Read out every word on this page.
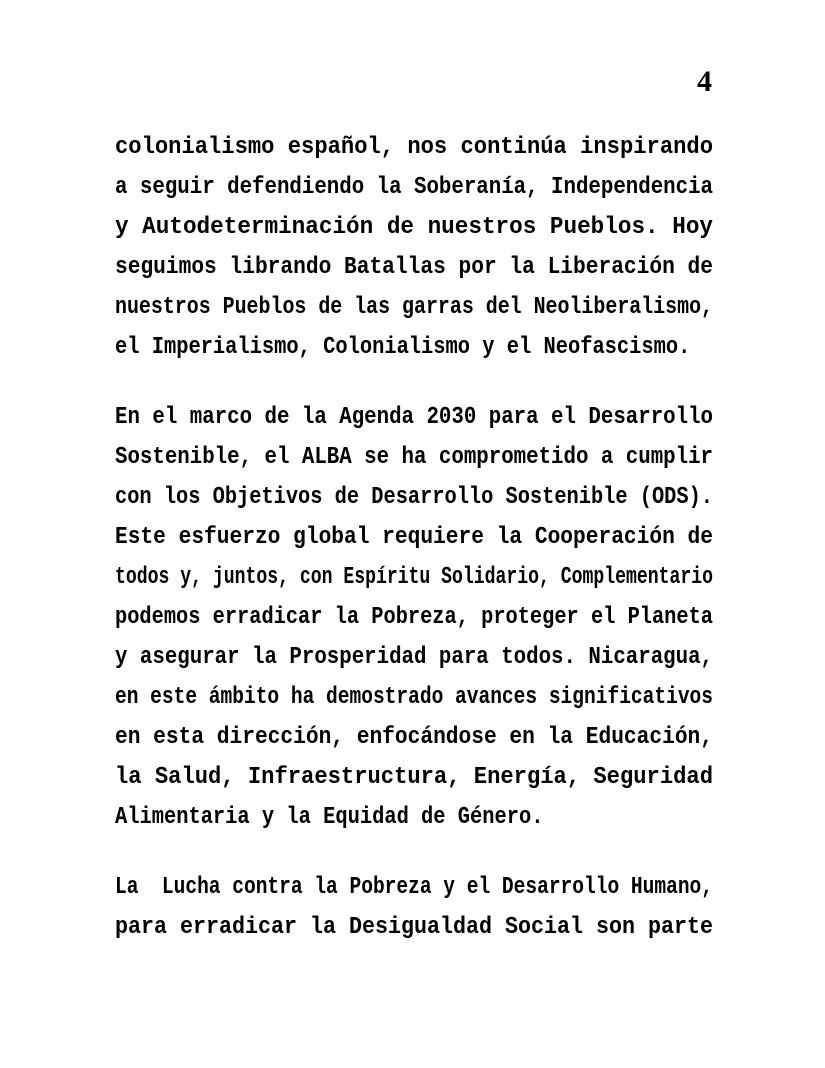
4
colonialismo español, nos continúa inspirando
a seguir defendiendo la Soberanía, Independencia
y Autodeterminación de nuestros Pueblos. Hoy
seguimos librando Batallas por la Liberación de
nuestros Pueblos de las garras del Neoliberalismo,
el Imperialismo, Colonialismo y el Neofascismo.
En el marco de la Agenda 2030 para el Desarrollo
Sostenible, el ALBA se ha comprometido a cumplir
con los Objetivos de Desarrollo Sostenible (ODS).
Este esfuerzo global requiere la Cooperación de
todos y, juntos, con Espíritu Solidario, Complementario
podemos erradicar la Pobreza, proteger el Planeta
y asegurar la Prosperidad para todos. Nicaragua,
en este ámbito ha demostrado avances significativos
en esta dirección, enfocándose en la Educación,
la Salud, Infraestructura, Energía, Seguridad
Alimentaria y la Equidad de Género.
La  Lucha contra la Pobreza y el Desarrollo Humano,
para erradicar la Desigualdad Social son parte
